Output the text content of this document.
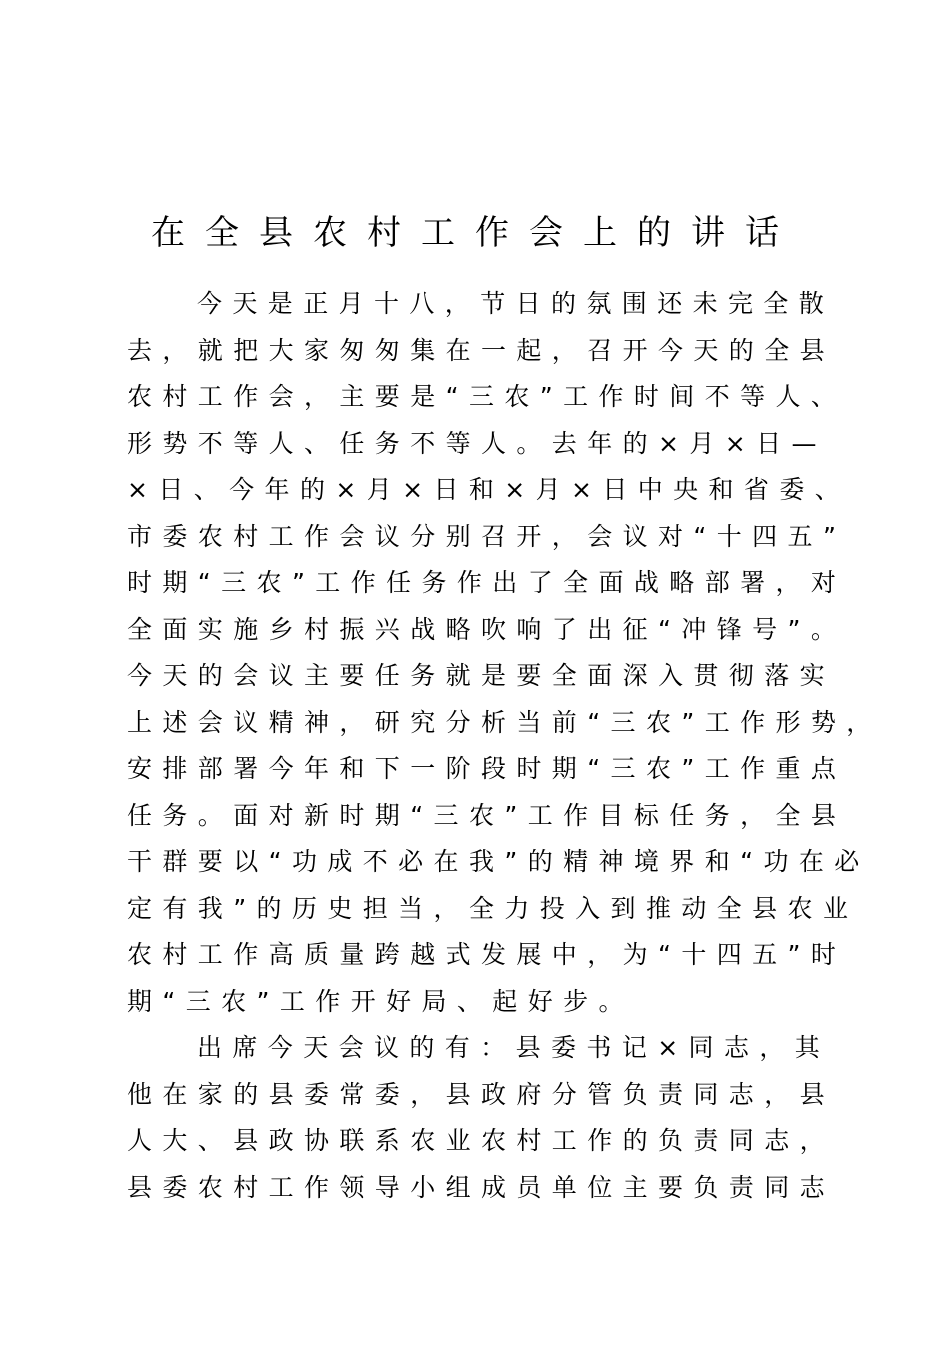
在全县农村工作会上的讲话
今天是正月十八，节日的氛围还未完全散
去，就把大家匆匆集在一起，召开今天的全县
农村工作会，主要是“三农”工作时间不等人、
形势不等人、任务不等人。去年的×月×日—
×日、今年的×月×日和×月×日中央和省委、
市委农村工作会议分别召开，会议对“十四五”
时期“三农”工作任务作出了全面战略部署，对
全面实施乡村振兴战略吹响了出征“冲锋号”。
今天的会议主要任务就是要全面深入贯彻落实
上述会议精神，研究分析当前“三农”工作形势，
安排部署今年和下一阶段时期“三农”工作重点
任务。面对新时期“三农”工作目标任务，全县
干群要以“功成不必在我”的精神境界和“功在必
定有我”的历史担当，全力投入到推动全县农业
农村工作高质量跨越式发展中，为“十四五”时
期“三农”工作开好局、起好步。
出席今天会议的有：县委书记×同志，其
他在家的县委常委，县政府分管负责同志，县
人大、县政协联系农业农村工作的负责同志，
县委农村工作领导小组成员单位主要负责同志
